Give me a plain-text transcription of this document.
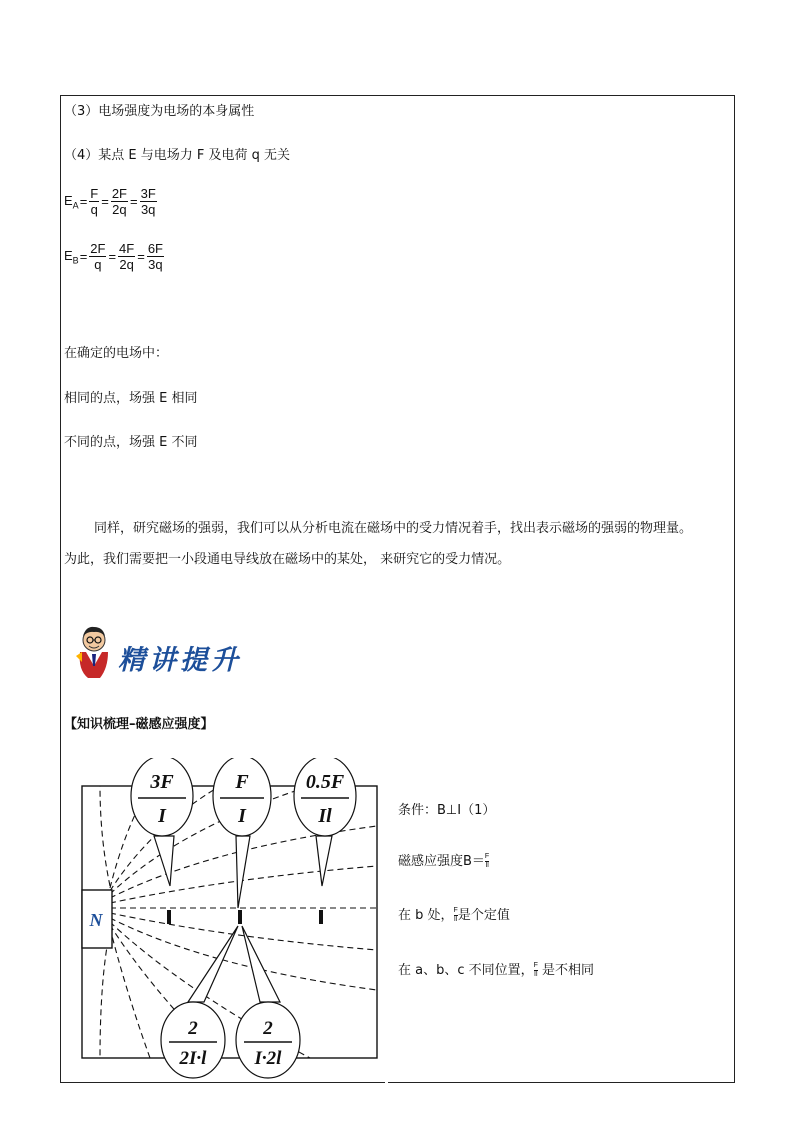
（3）电场强度为电场的本身属性
（4）某点 E 与电场力 F 及电荷 q 无关
$E_A = \frac{F}{q} = \frac{2F}{2q} = \frac{3F}{3q}$
$E_B = \frac{2F}{q} = \frac{4F}{2q} = \frac{6F}{3q}$
在确定的电场中：
相同的点，场强 E 相同
不同的点，场强 E 不同
同样，研究磁场的强弱，我们可以从分析电流在磁场中的受力情况着手，找出表示磁场的强弱的物理量。
为此，我们需要把一小段通电导线放在磁场中的某处， 来研究它的受力情况。
精讲提升
【知识梳理–磁感应强度】
N
3F
I
F
I
0.5F
Il
2
2I·l
2
I·2l
条件：B⊥I（1）
磁感应强度$B= \frac{F}{Il}$
在 b 处， $\frac{F}{Il}$ 是个定值
在 a、b、c 不同位置， $\frac{F}{Il}$ 是不相同
